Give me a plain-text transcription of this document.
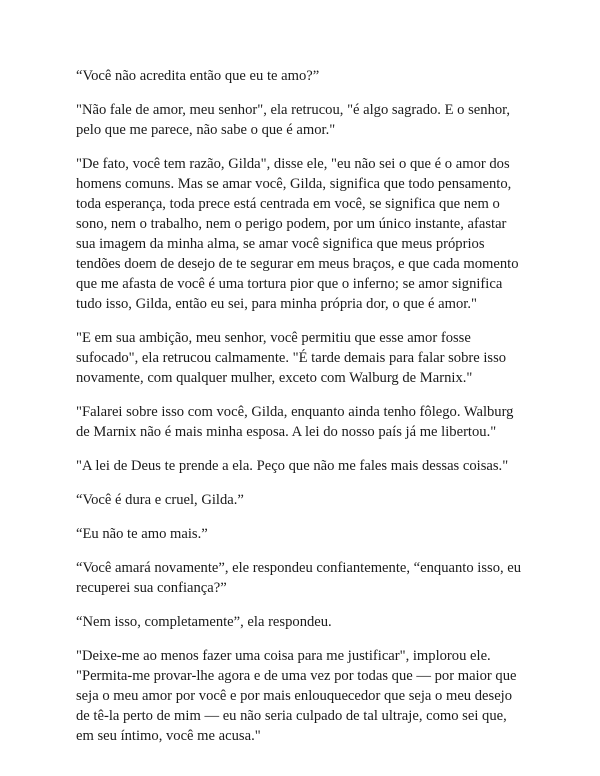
“Você não acredita então que eu te amo?”

"Não fale de amor, meu senhor", ela retrucou, "é algo sagrado. E o senhor,
pelo que me parece, não sabe o que é amor."

"De fato, você tem razão, Gilda", disse ele, "eu não sei o que é o amor dos
homens comuns. Mas se amar você, Gilda, significa que todo pensamento,
toda esperança, toda prece está centrada em você, se significa que nem o
sono, nem o trabalho, nem o perigo podem, por um único instante, afastar
sua imagem da minha alma, se amar você significa que meus próprios
tendões doem de desejo de te segurar em meus braços, e que cada momento
que me afasta de você é uma tortura pior que o inferno; se amor significa
tudo isso, Gilda, então eu sei, para minha própria dor, o que é amor."

"E em sua ambição, meu senhor, você permitiu que esse amor fosse
sufocado", ela retrucou calmamente. "É tarde demais para falar sobre isso
novamente, com qualquer mulher, exceto com Walburg de Marnix."

"Falarei sobre isso com você, Gilda, enquanto ainda tenho fôlego. Walburg
de Marnix não é mais minha esposa. A lei do nosso país já me libertou."

"A lei de Deus te prende a ela. Peço que não me fales mais dessas coisas."

“Você é dura e cruel, Gilda.”

“Eu não te amo mais.”

“Você amará novamente”, ele respondeu confiantemente, “enquanto isso, eu
recuperei sua confiança?”

“Nem isso, completamente”, ela respondeu.

"Deixe-me ao menos fazer uma coisa para me justificar", implorou ele.
"Permita-me provar-lhe agora e de uma vez por todas que — por maior que
seja o meu amor por você e por mais enlouquecedor que seja o meu desejo
de tê-la perto de mim — eu não seria culpado de tal ultraje, como sei que,
em seu íntimo, você me acusa."
